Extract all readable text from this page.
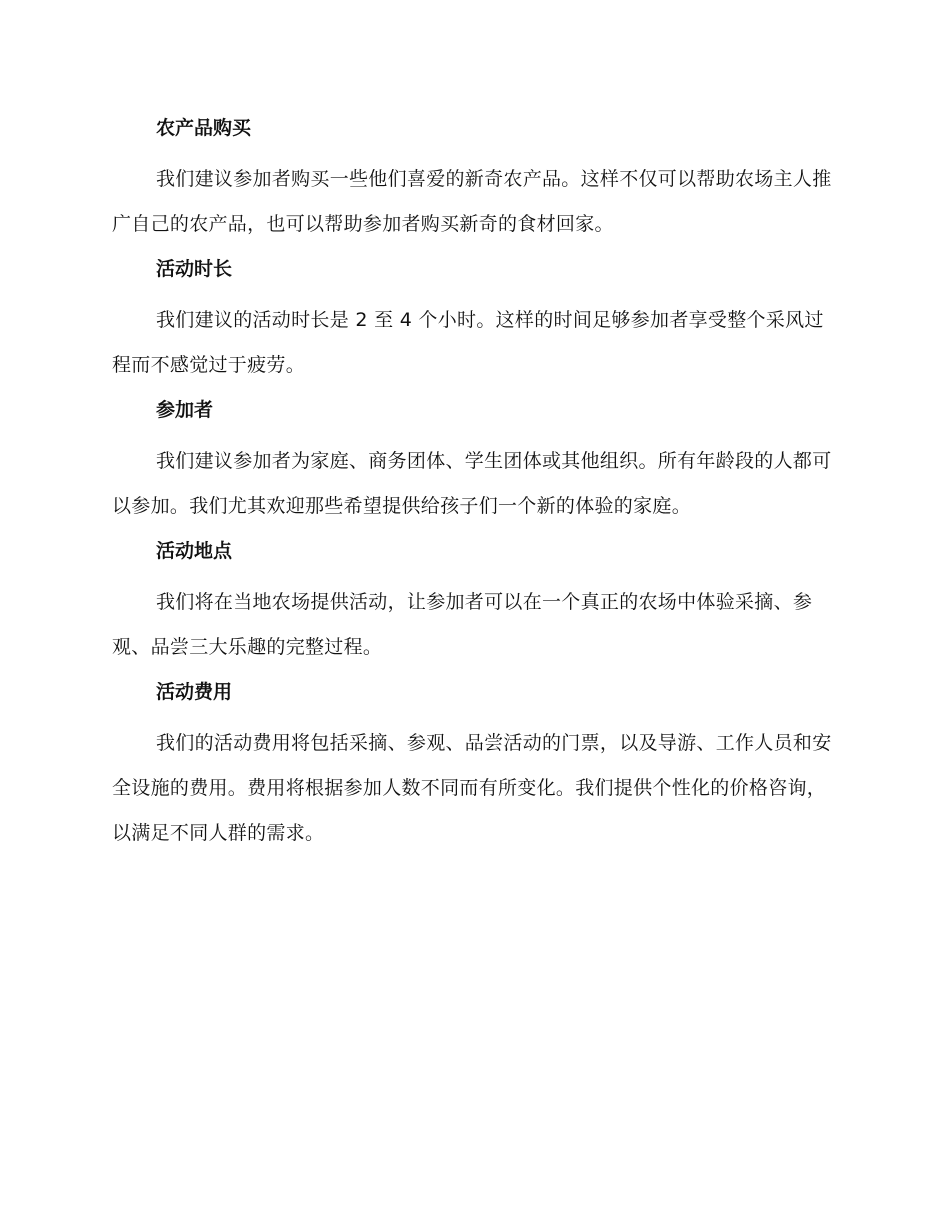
农产品购买

我们建议参加者购买一些他们喜爱的新奇农产品。这样不仅可以帮助农场主人推广自己的农产品，也可以帮助参加者购买新奇的食材回家。

活动时长

我们建议的活动时长是 2 至 4 个小时。这样的时间足够参加者享受整个采风过程而不感觉过于疲劳。

参加者

我们建议参加者为家庭、商务团体、学生团体或其他组织。所有年龄段的人都可以参加。我们尤其欢迎那些希望提供给孩子们一个新的体验的家庭。

活动地点

我们将在当地农场提供活动，让参加者可以在一个真正的农场中体验采摘、参观、品尝三大乐趣的完整过程。

活动费用

我们的活动费用将包括采摘、参观、品尝活动的门票，以及导游、工作人员和安全设施的费用。费用将根据参加人数不同而有所变化。我们提供个性化的价格咨询，以满足不同人群的需求。
